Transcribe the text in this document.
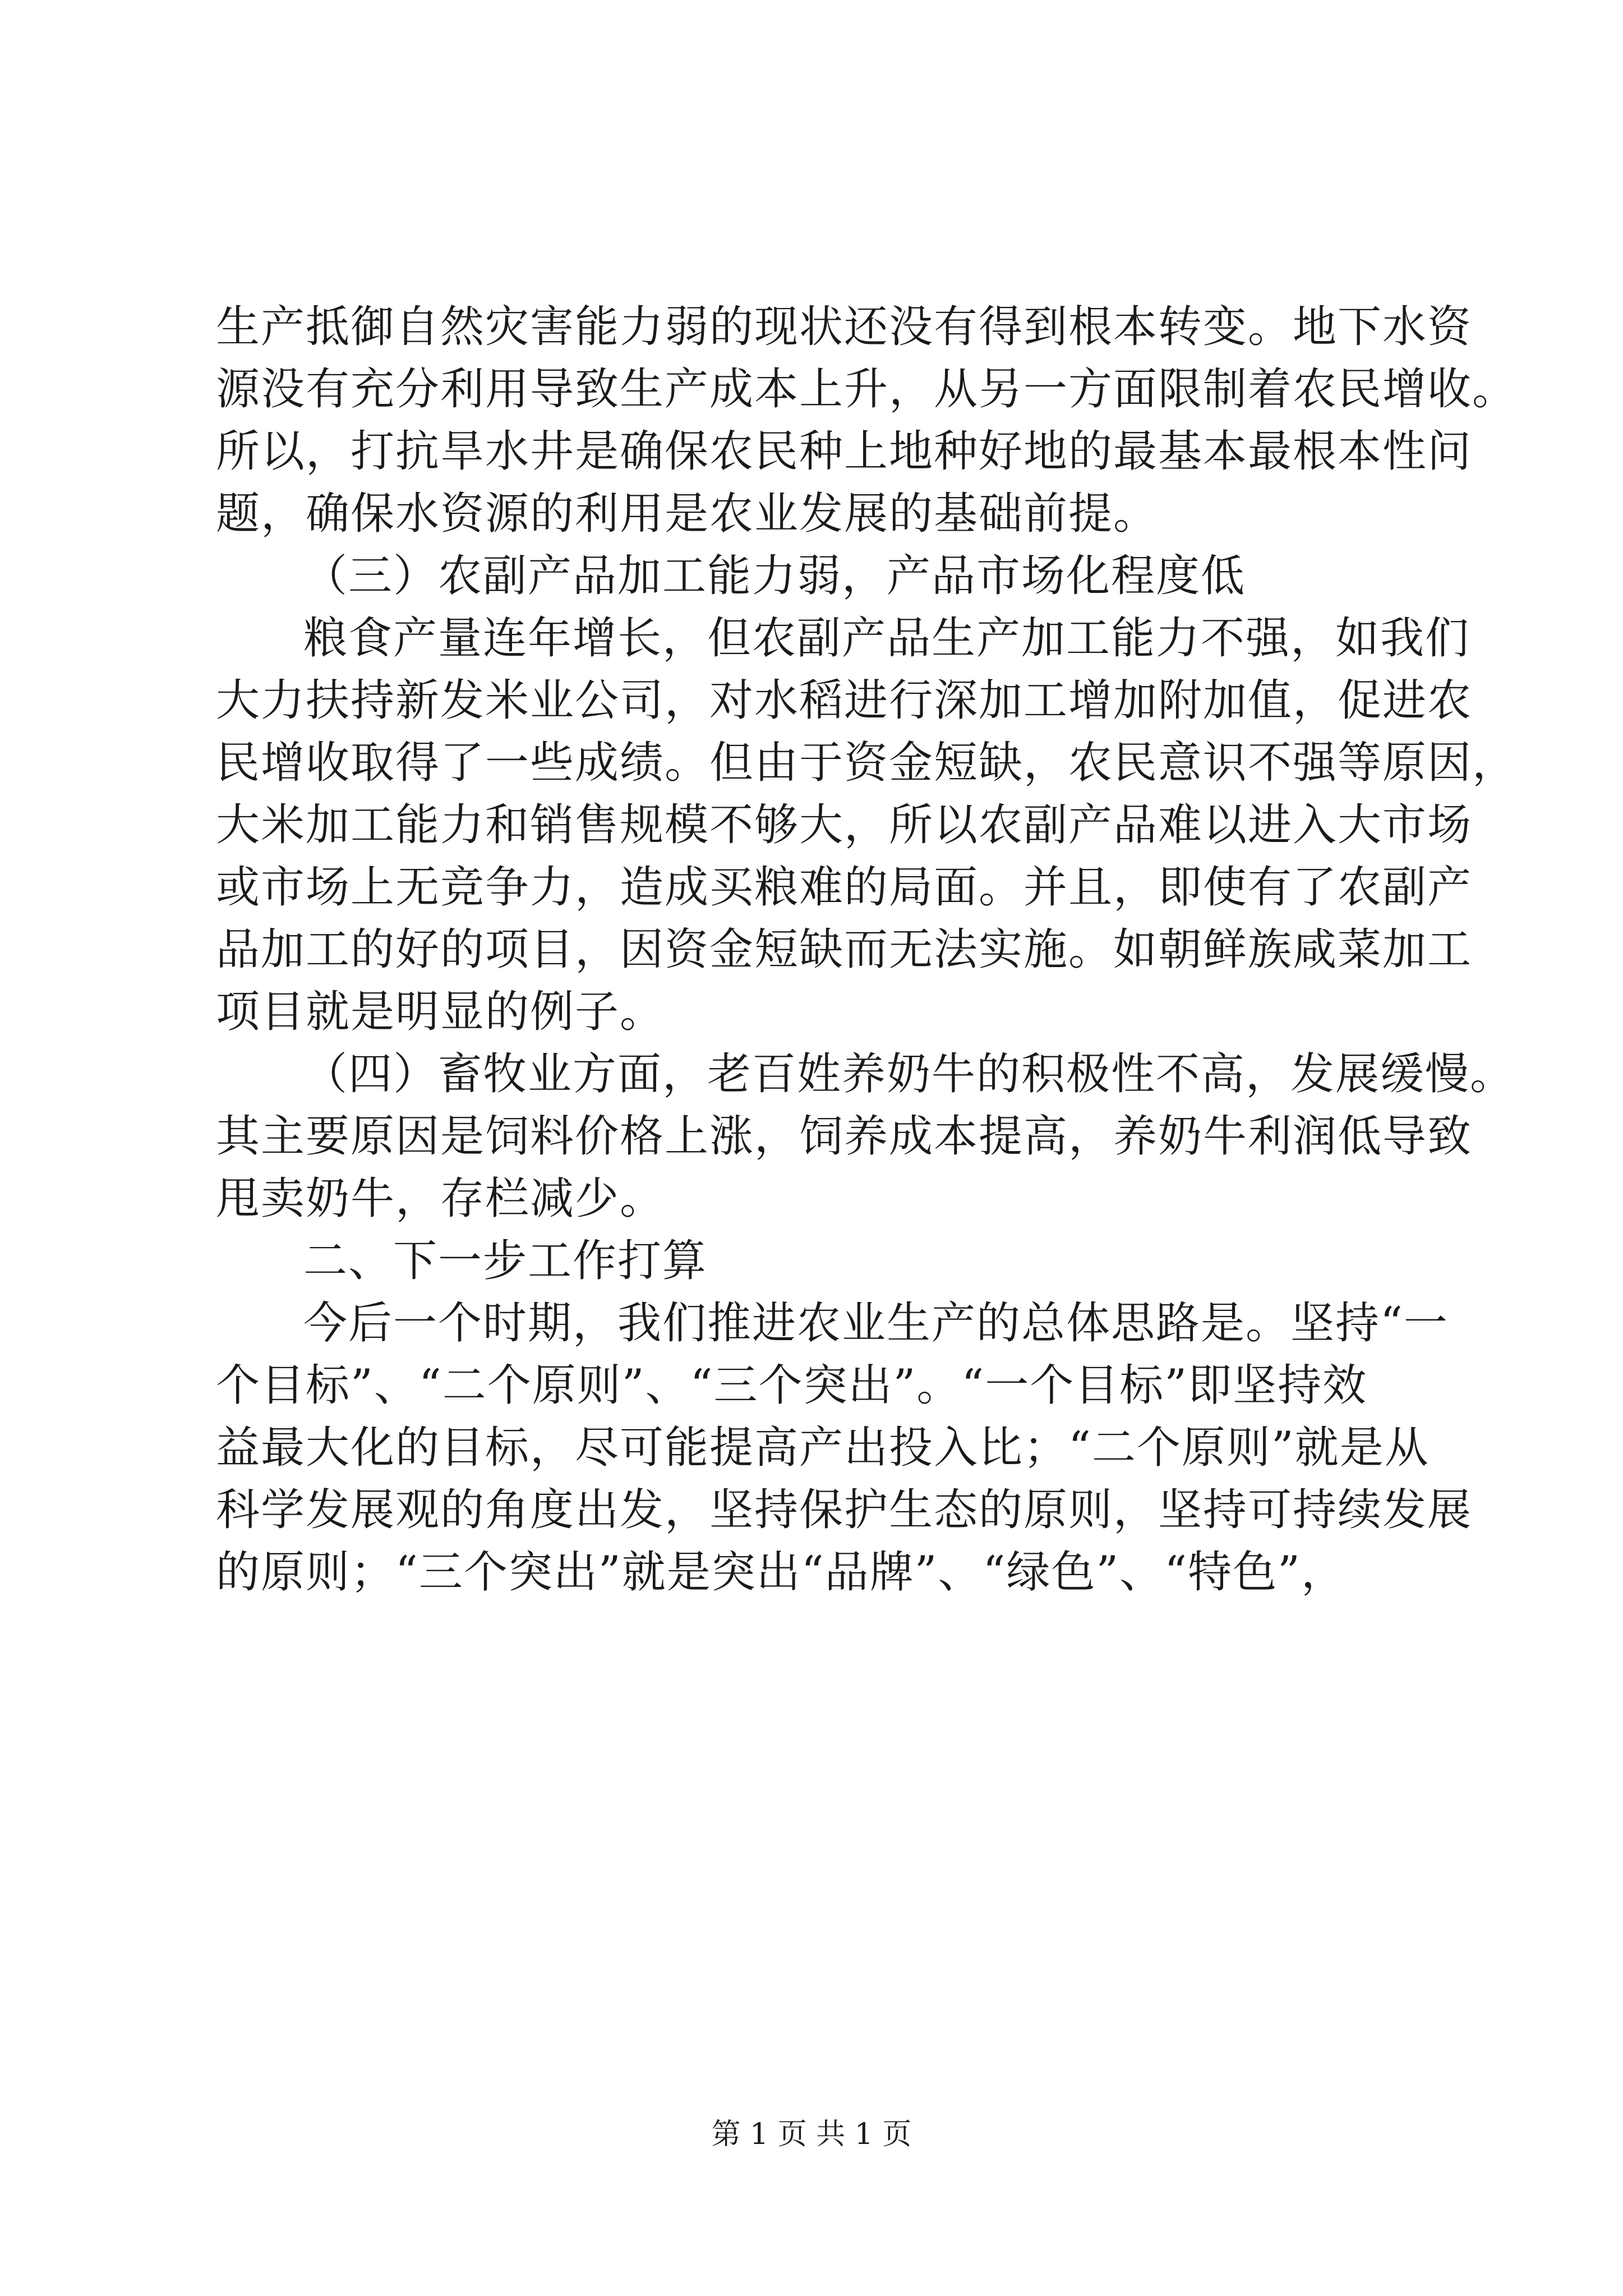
生产抵御自然灾害能力弱的现状还没有得到根本转变。地下水资
源没有充分利用导致生产成本上升，从另一方面限制着农民增收。
所以，打抗旱水井是确保农民种上地种好地的最基本最根本性问
题，确保水资源的利用是农业发展的基础前提。
（三）农副产品加工能力弱，产品市场化程度低
粮食产量连年增长，但农副产品生产加工能力不强，如我们
大力扶持新发米业公司，对水稻进行深加工增加附加值，促进农
民增收取得了一些成绩。但由于资金短缺，农民意识不强等原因，
大米加工能力和销售规模不够大，所以农副产品难以进入大市场
或市场上无竞争力，造成买粮难的局面。并且，即使有了农副产
品加工的好的项目，因资金短缺而无法实施。如朝鲜族咸菜加工
项目就是明显的例子。
（四）畜牧业方面，老百姓养奶牛的积极性不高，发展缓慢。
其主要原因是饲料价格上涨，饲养成本提高，养奶牛利润低导致
甩卖奶牛，存栏减少。
二、下一步工作打算
今后一个时期，我们推进农业生产的总体思路是。坚持“一
个目标”、“二个原则”、“三个突出”。“一个目标”即坚持效
益最大化的目标，尽可能提高产出投入比；“二个原则”就是从
科学发展观的角度出发，坚持保护生态的原则，坚持可持续发展
的原则；“三个突出”就是突出“品牌”、“绿色”、“特色”，
第 1 页 共 1 页
